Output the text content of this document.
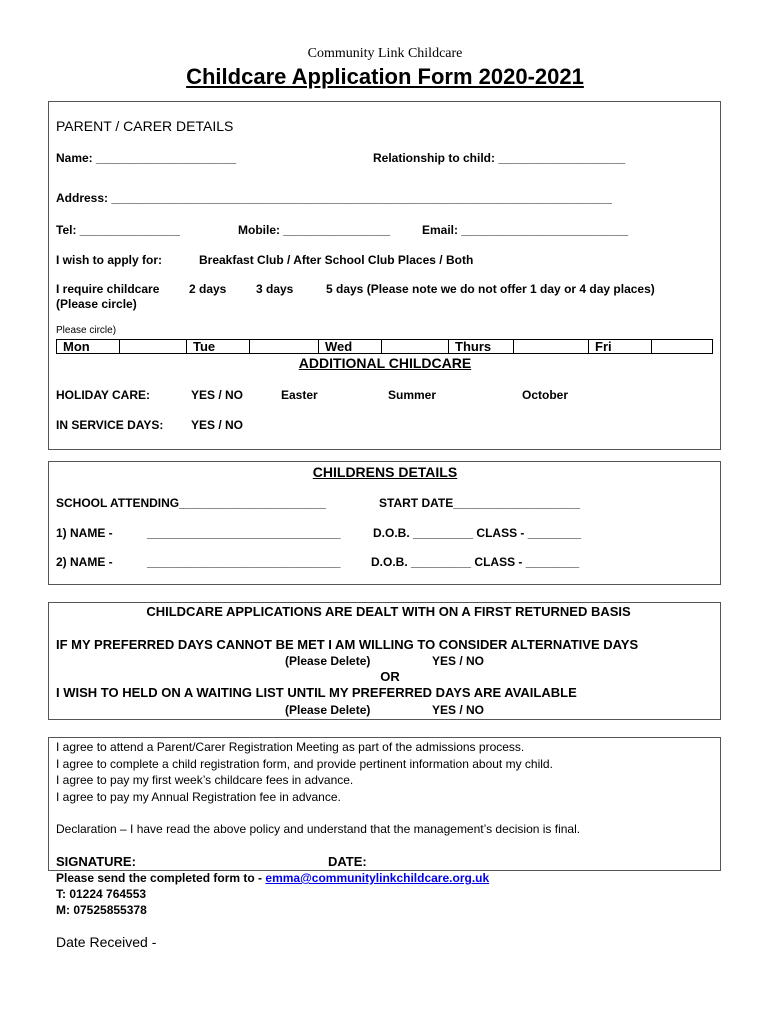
Community Link Childcare
Childcare Application Form 2020-2021
PARENT / CARER DETAILS
Name: _____________________	Relationship to child: ___________________
Address: ___________________________________________________________________________
Tel: _______________	Mobile: ________________	Email: _________________________
I wish to apply for:	Breakfast Club / After School Club Places / Both
I require childcare
(Please circle)
2 days 3 days	5 days (Please note we do not offer 1 day or 4 day places)
Please circle)
Mon		Tue		Wed		Thurs		Fri	
ADDITIONAL CHILDCARE
HOLIDAY CARE:	YES / NO	Easter	Summer	October
IN SERVICE DAYS: YES / NO
CHILDRENS DETAILS
SCHOOL ATTENDING______________________	START DATE___________________
1) NAME -	_____________________________	D.O.B. _________ CLASS - ________
2) NAME -	_____________________________	D.O.B. _________ CLASS - ________
CHILDCARE APPLICATIONS ARE DEALT WITH ON A FIRST RETURNED BASIS
IF MY PREFERRED DAYS CANNOT BE MET I AM WILLING TO CONSIDER ALTERNATIVE DAYS
(Please Delete)	YES / NO
OR
I WISH TO HELD ON A WAITING LIST UNTIL MY PREFERRED DAYS ARE AVAILABLE
(Please Delete)	YES / NO
I agree to attend a Parent/Carer Registration Meeting as part of the admissions process.
I agree to complete a child registration form, and provide pertinent information about my child.
I agree to pay my first week’s childcare fees in advance.
I agree to pay my Annual Registration fee in advance.
Declaration – I have read the above policy and understand that the management’s decision is final.
SIGNATURE:	DATE:
Please send the completed form to - emma@communitylinkchildcare.org.uk
T: 01224 764553
M: 07525855378
Date Received -
